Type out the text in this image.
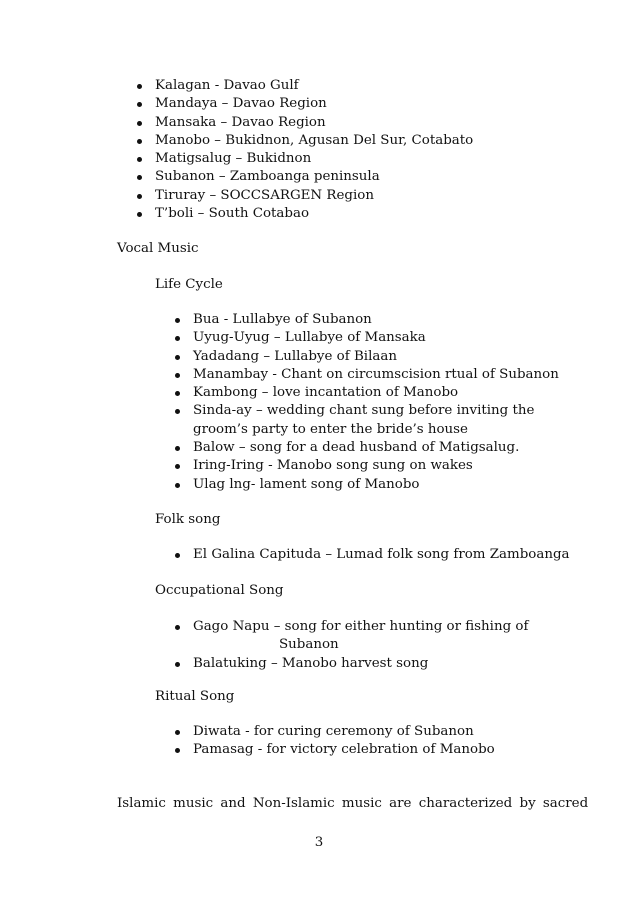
Kalagan - Davao Gulf
Mandaya – Davao Region
Mansaka – Davao Region
Manobo – Bukidnon, Agusan Del Sur, Cotabato
Matigsalug – Bukidnon
Subanon – Zamboanga peninsula
Tiruray – SOCCSARGEN Region
T’boli – South Cotabao
Vocal Music
Life Cycle
Bua - Lullabye of Subanon
Uyug-Uyug – Lullabye of Mansaka
Yadadang – Lullabye of Bilaan
Manambay - Chant on circumscision rtual of Subanon
Kambong – love incantation of Manobo
Sinda-ay – wedding chant sung before inviting the
groom’s party to enter the bride’s house
Balow – song for a dead husband of Matigsalug.
Iring-Iring - Manobo song sung on wakes
Ulag lng- lament song of Manobo
Folk song
El Galina Capituda – Lumad folk song from Zamboanga
Occupational Song
Gago Napu – song for either hunting or fishing of
Subanon
Balatuking – Manobo harvest song
Ritual Song
Diwata - for curing ceremony of Subanon
Pamasag - for victory celebration of Manobo
Islamic music and Non-Islamic music are characterized by sacred
3
